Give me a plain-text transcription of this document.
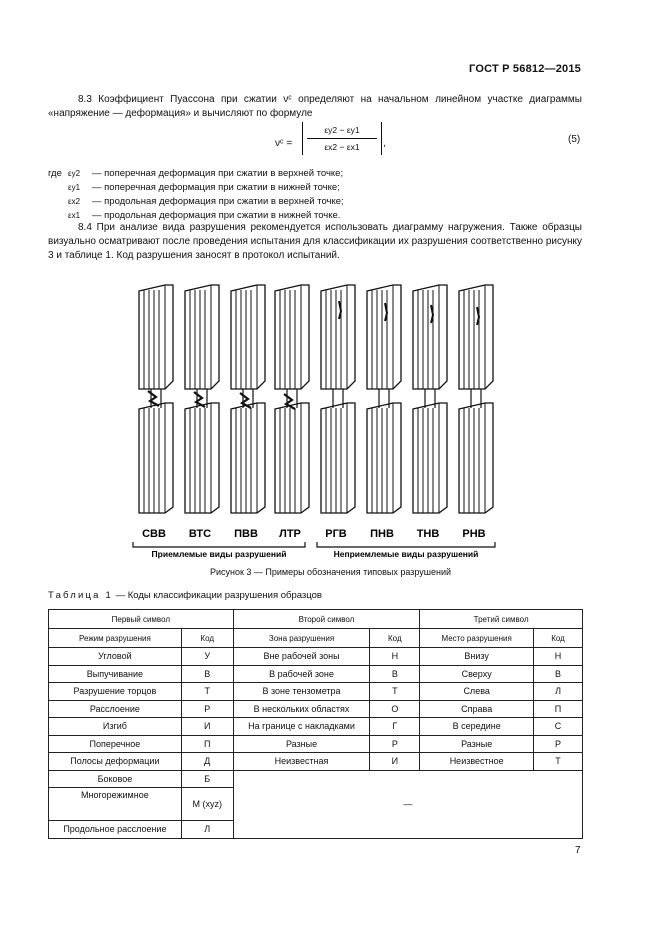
ГОСТ Р 56812—2015
8.3 Коэффициент Пуассона при сжатии νᶜ определяют на начальном линейном участке диаграммы «напряжение — деформация» и вычисляют по формуле
νᶜ = $\frac{\varepsilon y2 - \varepsilon y1}{\varepsilon x2 - \varepsilon x1}$ ,	(5)
где εy2 — поперечная деформация при сжатии в верхней точке;
εy1 — поперечная деформация при сжатии в нижней точке;
εx2 — продольная деформация при сжатии в верхней точке;
εx1 — продольная деформация при сжатии в нижней точке.
8.4 При анализе вида разрушения рекомендуется использовать диаграмму нагружения. Также образцы визуально осматривают после проведения испытания для классификации их разрушения соответственно рисунку 3 и таблице 1. Код разрушения заносят в протокол испытаний.
СВВ ВТС ПВВ ЛТР РГВ ПНВ ТНВ РНВ
Приемлемые виды разрушений	Неприемлемые виды разрушений
Рисунок 3 — Примеры обозначения типовых разрушений
Таблица 1 — Коды классификации разрушения образцов
Первый символ		Второй символ		Третий символ	
Режим разрушения	Код	Зона разрушения	Код	Место разрушения	Код
Угловой	У	Вне рабочей зоны	Н	Внизу	Н
Выпучивание	В	В рабочей зоне	В	Сверху	В
Разрушение торцов	Т	В зоне тензометра	Т	Слева	Л
Расслоение	Р	В нескольких областях	О	Справа	П
Изгиб	И	На границе с накладками	Г	В середине	С
Поперечное	П	Разные	Р	Разные	Р
Полосы деформации	Д	Неизвестная	И	Неизвестное	Т
Боковое	Б	—			
Многорежимное	М (xyz)				
Продольное расслоение	Л				
7
